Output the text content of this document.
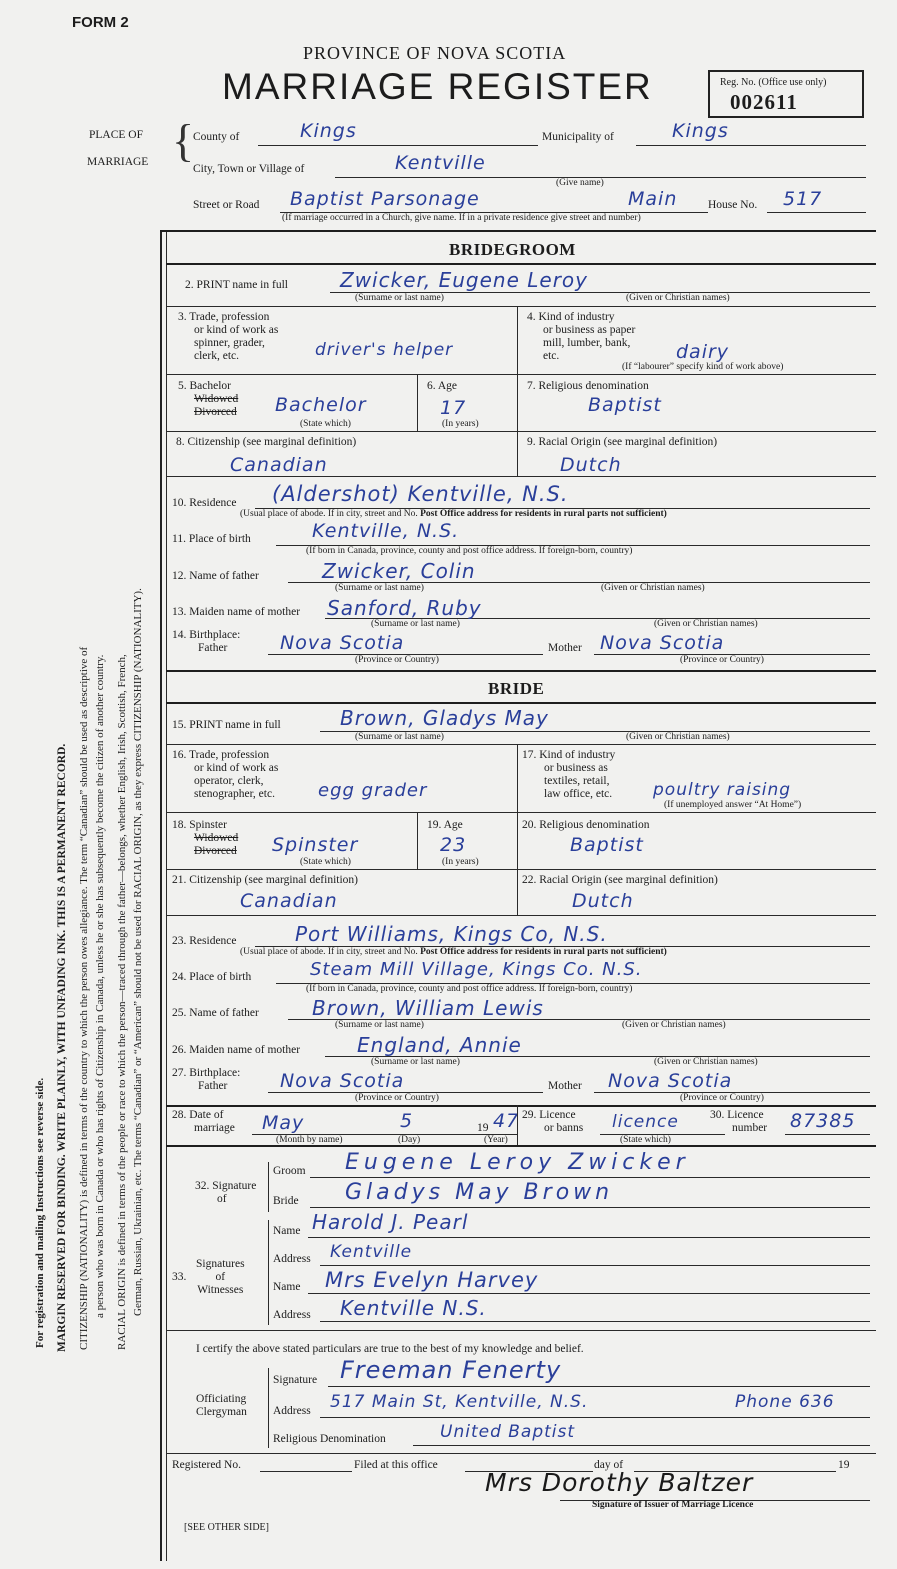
FORM 2
PROVINCE OF NOVA SCOTIA
MARRIAGE REGISTER	Reg. No. (Office use only)
002611
For registration and mailing Instructions see reverse side. MARGIN RESERVED FOR BINDING. WRITE PLAINLY, WITH UNFADING INK. THIS IS A PERMANENT RECORD. CITIZENSHIP (NATIONALITY) is defined in terms of the country to which the person owes allegiance. The term “Canadian” should be used as descriptive of a person who was born in Canada or who has rights of Citizenship in Canada, unless he or she has subsequently become the citizen of another country. RACIAL ORIGIN is defined in terms of the people or race to which the person—traced through the father—belongs, whether English, Irish, Scottish, French, German, Russian, Ukrainian, etc. The terms “Canadian” or “American” should not be used for RACIAL ORIGIN, as they express CITIZENSHIP (NATIONALITY).
PLACE OF
MARRIAGE {
County of	Kings	Municipality of	Kings
City, Town or Village of	Kentville
(Give name)
Street or Road Baptist Parsonage	Main	House No. 517
(If marriage occurred in a Church, give name. If in a private residence give street and number)
BRIDEGROOM
2. PRINT name in full	Zwicker, Eugene Leroy
(Surname or last name)	(Given or Christian names)
3. Trade, profession
or kind of work as
spinner, grader,
clerk, etc.	driver's helper
4. Kind of industry
or business as paper
mill, lumber, bank,
etc.	dairy
(If “labourer” specify kind of work above)
5. Bachelor
Widowed
Divorced Bachelor
(State which)
6. Age
17
(In years)
7. Religious denomination
Baptist
8. Citizenship (see marginal definition)
Canadian
9. Racial Origin (see marginal definition)
Dutch
10. Residence (Aldershot) Kentville, N.S.
(Usual place of abode. If in city, street and No. Post Office address for residents in rural parts not sufficient)
11. Place of birth	Kentville, N.S.
(If born in Canada, province, county and post office address. If foreign-born, country)
12. Name of father	Zwicker, Colin
(Surname or last name)	(Given or Christian names)
13. Maiden name of mother Sanford, Ruby
(Surname or last name)	(Given or Christian names)
14. Birthplace:
Father	Nova Scotia
(Province or Country)
Mother Nova Scotia
(Province or Country)
BRIDE
15. PRINT name in full	Brown, Gladys May
(Surname or last name)	(Given or Christian names)
16. Trade, profession
or kind of work as
operator, clerk,
stenographer, etc. egg grader
17. Kind of industry
or business as
textiles, retail,
law office, etc. poultry raising
(If unemployed answer “At Home”)
18. Spinster
Widowed
Divorced Spinster
(State which)
19. Age
23
(In years)
20. Religious denomination
Baptist
21. Citizenship (see marginal definition)
Canadian
22. Racial Origin (see marginal definition)
Dutch
23. Residence	Port Williams, Kings Co, N.S.
(Usual place of abode. If in city, street and No. Post Office address for residents in rural parts not sufficient)
24. Place of birth	Steam Mill Village, Kings Co. N.S.
(If born in Canada, province, county and post office address. If foreign-born, country)
25. Name of father	Brown, William Lewis
(Surname or last name)	(Given or Christian names)
26. Maiden name of mother	England, Annie
(Surname or last name)	(Given or Christian names)
27. Birthplace:
Father	Nova Scotia
(Province or Country)
Mother Nova Scotia
(Province or Country)
28. Date of
marriage May	5	19 47
(Month by name)	(Day)	(Year)
29. Licence
or banns licence
(State which)
30. Licence
number 87385
32. Signature
of
Groom Eugene Leroy Zwicker
Bride Gladys May Brown
Signatures
of
Witnesses
33.
Name Harold J. Pearl
Address Kentville
Name Mrs Evelyn Harvey
Address Kentville N.S.
I certify the above stated particulars are true to the best of my knowledge and belief.
Officiating
Clergyman
Signature Freeman Fenerty
Address 517 Main St, Kentville, N.S.	Phone 636
Religious Denomination	United Baptist
Registered No.	Filed at this office	day of	19
Mrs Dorothy Baltzer
Signature of Issuer of Marriage Licence
[SEE OTHER SIDE]
